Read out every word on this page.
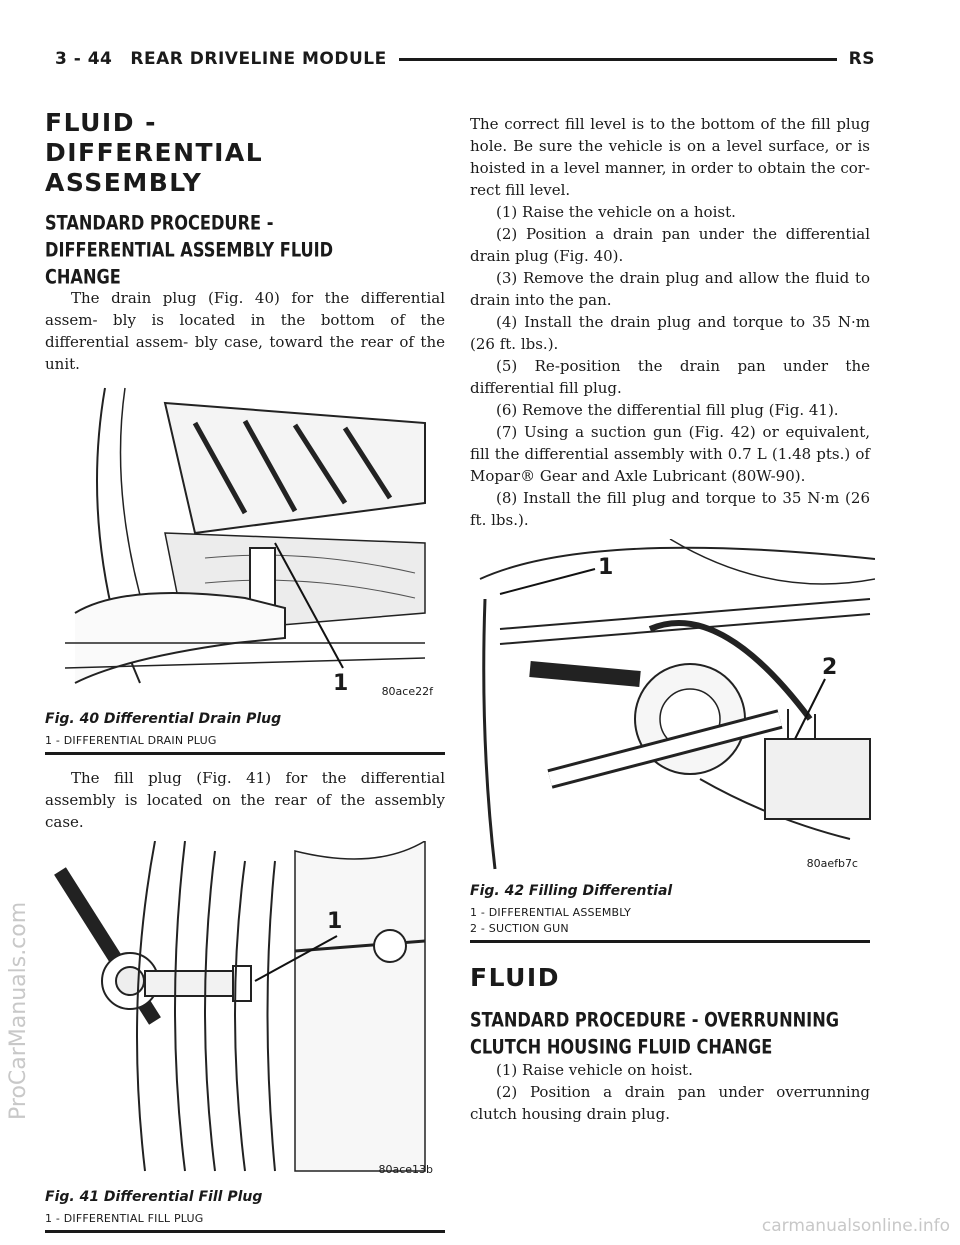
3 - 44 REAR DRIVELINE MODULE	RS
FLUID - DIFFERENTIAL ASSEMBLY
STANDARD PROCEDURE - DIFFERENTIAL ASSEMBLY FLUID CHANGE

The drain plug (Fig. 40) for the differential assem- bly is located in the bottom of the differential assem- bly case, toward the rear of the unit.

1	80ace22f
Fig. 40 Differential Drain Plug
1 - DIFFERENTIAL DRAIN PLUG

The fill plug (Fig. 41) for the differential assembly is located on the rear of the assembly case.

1
80ace13b
Fig. 41 Differential Fill Plug
1 - DIFFERENTIAL FILL PLUG

The correct fill level is to the bottom of the fill plug hole. Be sure the vehicle is on a level surface, or is hoisted in a level manner, in order to obtain the cor- rect fill level.

(1) Raise the vehicle on a hoist.

(2) Position a drain pan under the differential drain plug (Fig. 40).

(3) Remove the drain plug and allow the fluid to drain into the pan.

(4) Install the drain plug and torque to 35 N·m (26 ft. lbs.).

(5) Re-position the drain pan under the differential fill plug.

(6) Remove the differential fill plug (Fig. 41).

(7) Using a suction gun (Fig. 42) or equivalent, fill the differential assembly with 0.7 L (1.48 pts.) of Mopar® Gear and Axle Lubricant (80W-90).

(8) Install the fill plug and torque to 35 N·m (26 ft. lbs.).

1
2
80aefb7c
Fig. 42 Filling Differential
1 - DIFFERENTIAL ASSEMBLY
2 - SUCTION GUN
FLUID
STANDARD PROCEDURE - OVERRUNNING CLUTCH HOUSING FLUID CHANGE

(1) Raise vehicle on hoist.

(2) Position a drain pan under overrunning clutch housing drain plug.

ProCarManuals.com
carmanualsonline.info
